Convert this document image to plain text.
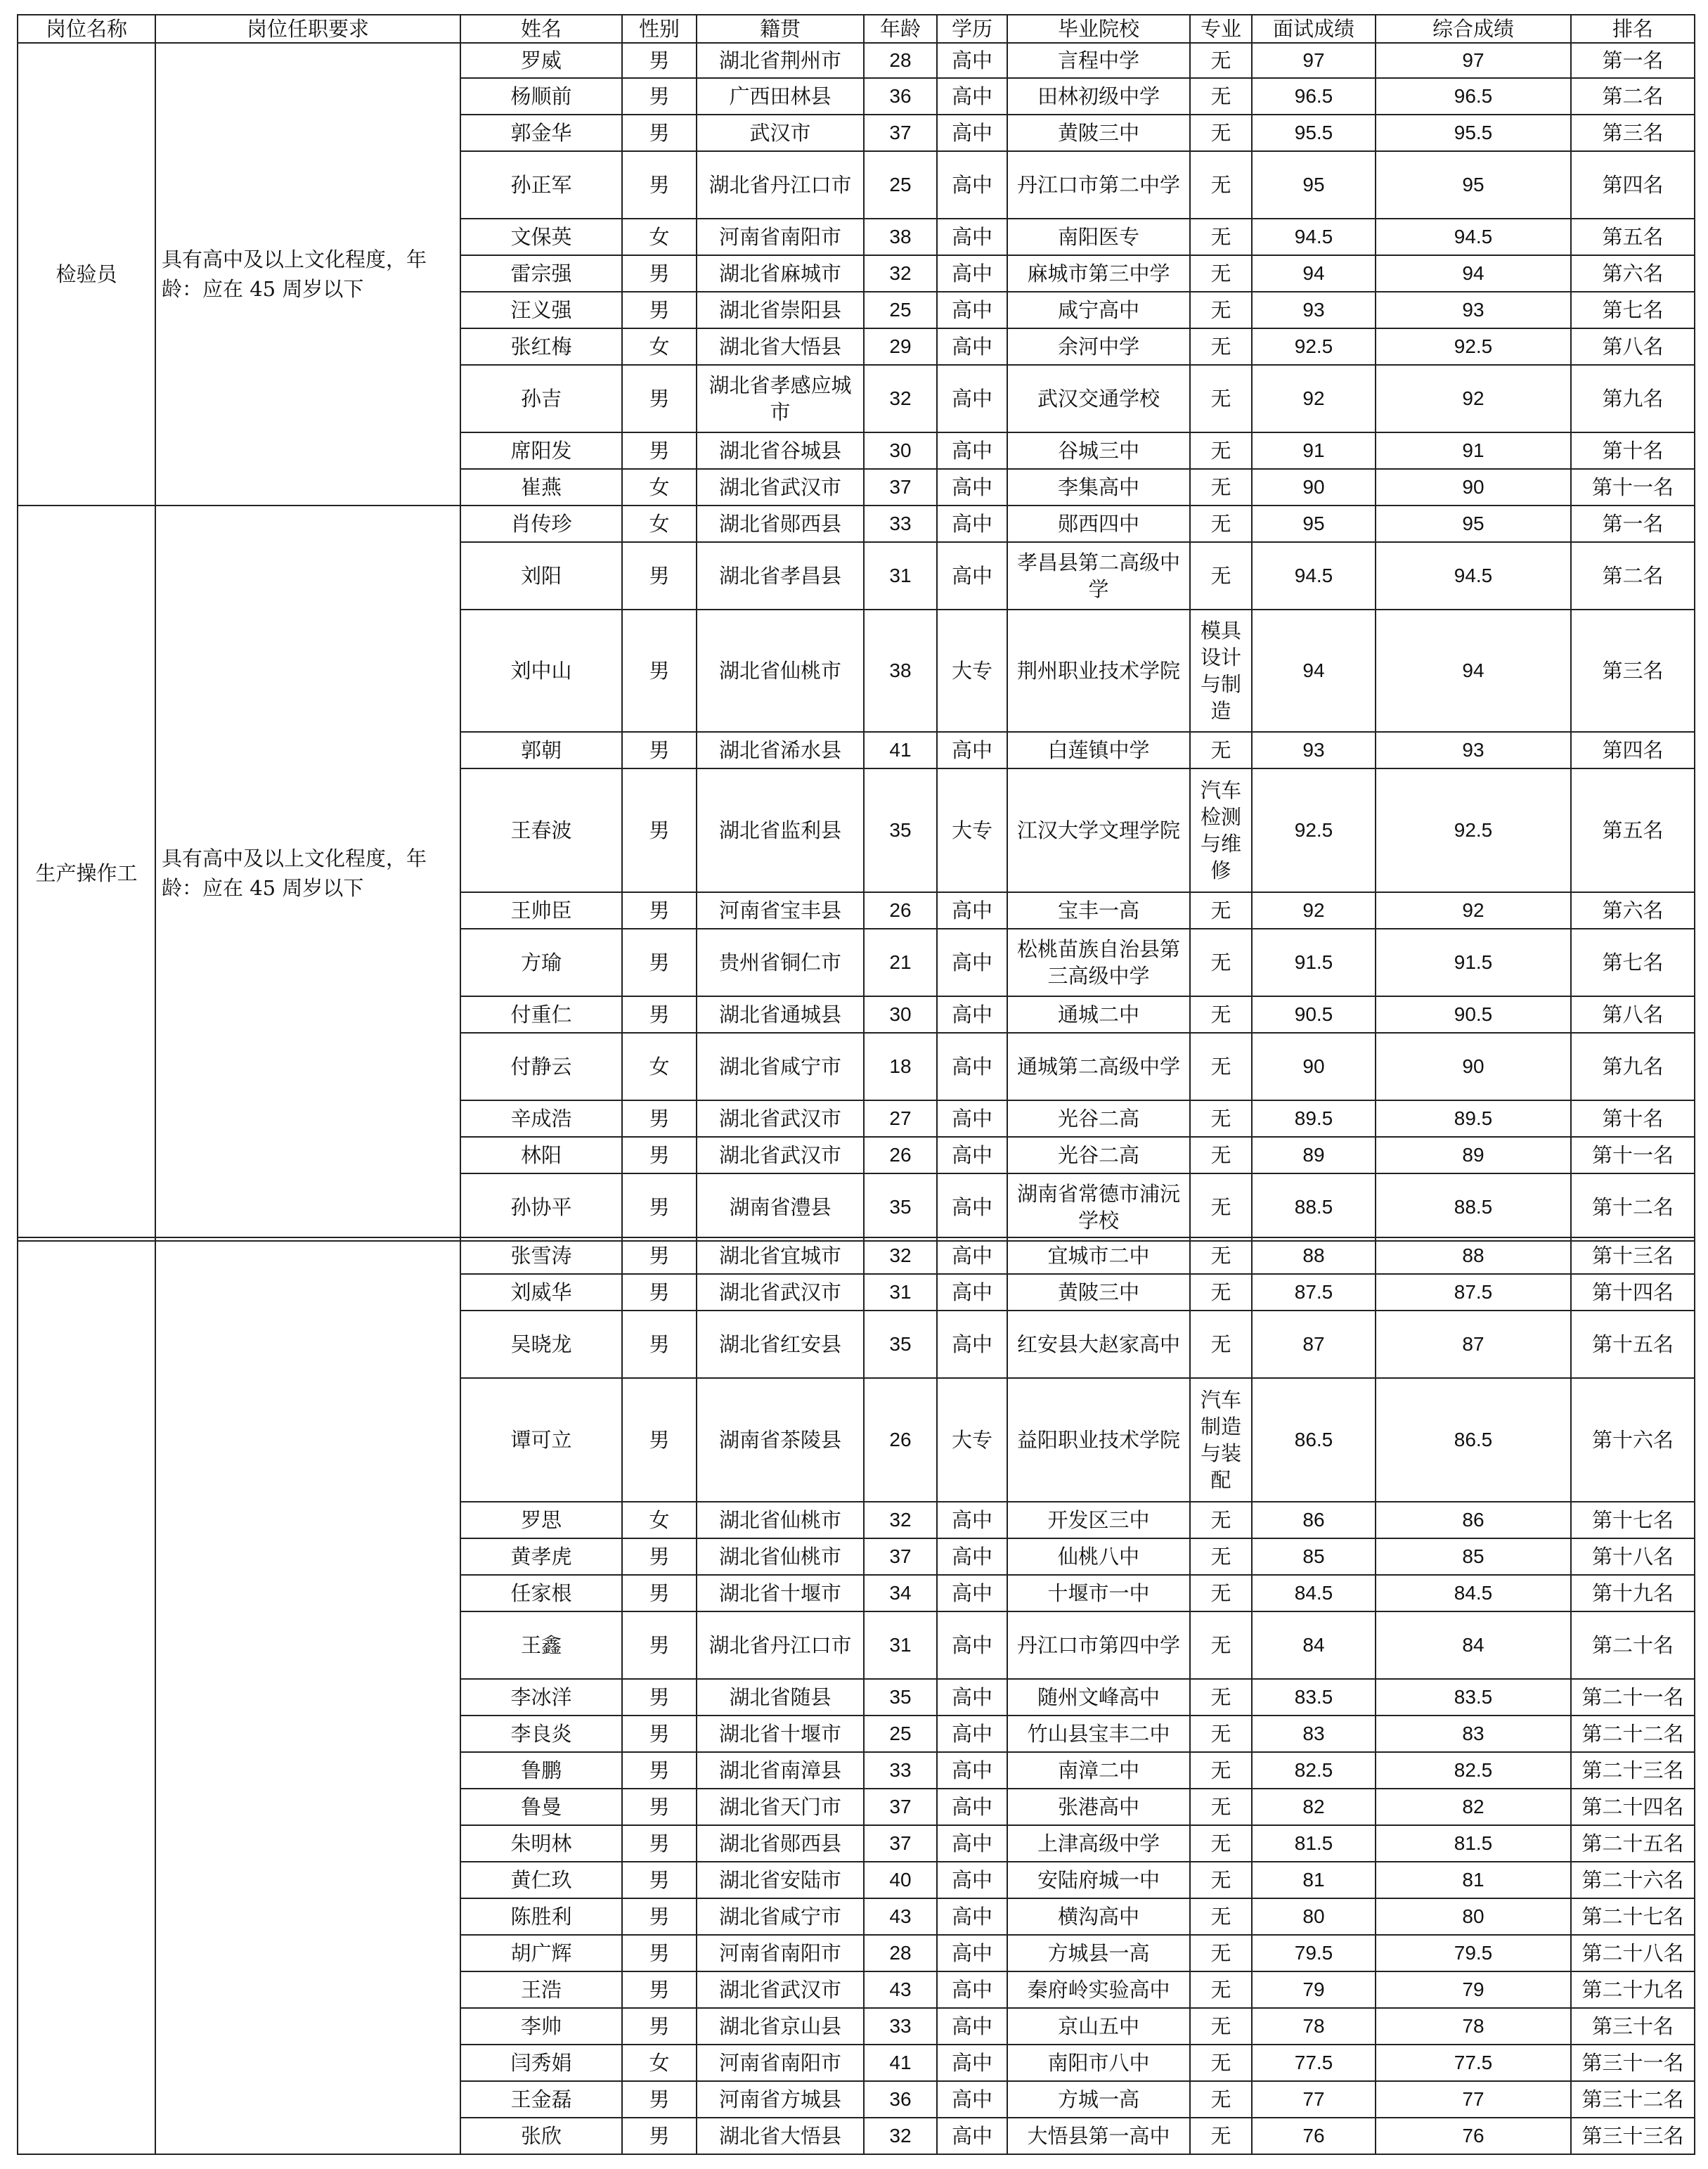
岗位名称	岗位任职要求	姓名	性别	籍贯	年龄	学历	毕业院校	专业	面试成绩	综合成绩	排名
检验员	具有高中及以上文化程度，年龄：应在 45 周岁以下	罗威	男	湖北省荆州市	28	高中	言程中学	无	97	97	第一名
		杨顺前	男	广西田林县	36	高中	田林初级中学	无	96.5	96.5	第二名
		郭金华	男	武汉市	37	高中	黄陂三中	无	95.5	95.5	第三名
		孙正军	男	湖北省丹江口市	25	高中	丹江口市第二中学	无	95	95	第四名
		文保英	女	河南省南阳市	38	高中	南阳医专	无	94.5	94.5	第五名
		雷宗强	男	湖北省麻城市	32	高中	麻城市第三中学	无	94	94	第六名
		汪义强	男	湖北省崇阳县	25	高中	咸宁高中	无	93	93	第七名
		张红梅	女	湖北省大悟县	29	高中	余河中学	无	92.5	92.5	第八名
		孙吉	男	湖北省孝感应城市	32	高中	武汉交通学校	无	92	92	第九名
		席阳发	男	湖北省谷城县	30	高中	谷城三中	无	91	91	第十名
		崔燕	女	湖北省武汉市	37	高中	李集高中	无	90	90	第十一名
生产操作工	具有高中及以上文化程度，年龄：应在 45 周岁以下	肖传珍	女	湖北省郧西县	33	高中	郧西四中	无	95	95	第一名
		刘阳	男	湖北省孝昌县	31	高中	孝昌县第二高级中学	无	94.5	94.5	第二名
		刘中山	男	湖北省仙桃市	38	大专	荆州职业技术学院	模具设计与制造	94	94	第三名
		郭朝	男	湖北省浠水县	41	高中	白莲镇中学	无	93	93	第四名
		王春波	男	湖北省监利县	35	大专	江汉大学文理学院	汽车检测与维修	92.5	92.5	第五名
		王帅臣	男	河南省宝丰县	26	高中	宝丰一高	无	92	92	第六名
		方瑜	男	贵州省铜仁市	21	高中	松桃苗族自治县第三高级中学	无	91.5	91.5	第七名
		付重仁	男	湖北省通城县	30	高中	通城二中	无	90.5	90.5	第八名
		付静云	女	湖北省咸宁市	18	高中	通城第二高级中学	无	90	90	第九名
		辛成浩	男	湖北省武汉市	27	高中	光谷二高	无	89.5	89.5	第十名
		林阳	男	湖北省武汉市	26	高中	光谷二高	无	89	89	第十一名
		孙协平	男	湖南省澧县	35	高中	湖南省常德市浦沅学校	无	88.5	88.5	第十二名
		张雪涛	男	湖北省宜城市	32	高中	宜城市二中	无	88	88	第十三名
		刘威华	男	湖北省武汉市	31	高中	黄陂三中	无	87.5	87.5	第十四名
		吴晓龙	男	湖北省红安县	35	高中	红安县大赵家高中	无	87	87	第十五名
		谭可立	男	湖南省茶陵县	26	大专	益阳职业技术学院	汽车制造与装配	86.5	86.5	第十六名
		罗思	女	湖北省仙桃市	32	高中	开发区三中	无	86	86	第十七名
		黄孝虎	男	湖北省仙桃市	37	高中	仙桃八中	无	85	85	第十八名
		任家根	男	湖北省十堰市	34	高中	十堰市一中	无	84.5	84.5	第十九名
		王鑫	男	湖北省丹江口市	31	高中	丹江口市第四中学	无	84	84	第二十名
		李冰洋	男	湖北省随县	35	高中	随州文峰高中	无	83.5	83.5	第二十一名
		李良炎	男	湖北省十堰市	25	高中	竹山县宝丰二中	无	83	83	第二十二名
		鲁鹏	男	湖北省南漳县	33	高中	南漳二中	无	82.5	82.5	第二十三名
		鲁曼	男	湖北省天门市	37	高中	张港高中	无	82	82	第二十四名
		朱明林	男	湖北省郧西县	37	高中	上津高级中学	无	81.5	81.5	第二十五名
		黄仁玖	男	湖北省安陆市	40	高中	安陆府城一中	无	81	81	第二十六名
		陈胜利	男	湖北省咸宁市	43	高中	横沟高中	无	80	80	第二十七名
		胡广辉	男	河南省南阳市	28	高中	方城县一高	无	79.5	79.5	第二十八名
		王浩	男	湖北省武汉市	43	高中	秦府岭实验高中	无	79	79	第二十九名
		李帅	男	湖北省京山县	33	高中	京山五中	无	78	78	第三十名
		闫秀娟	女	河南省南阳市	41	高中	南阳市八中	无	77.5	77.5	第三十一名
		王金磊	男	河南省方城县	36	高中	方城一高	无	77	77	第三十二名
		张欣	男	湖北省大悟县	32	高中	大悟县第一高中	无	76	76	第三十三名
